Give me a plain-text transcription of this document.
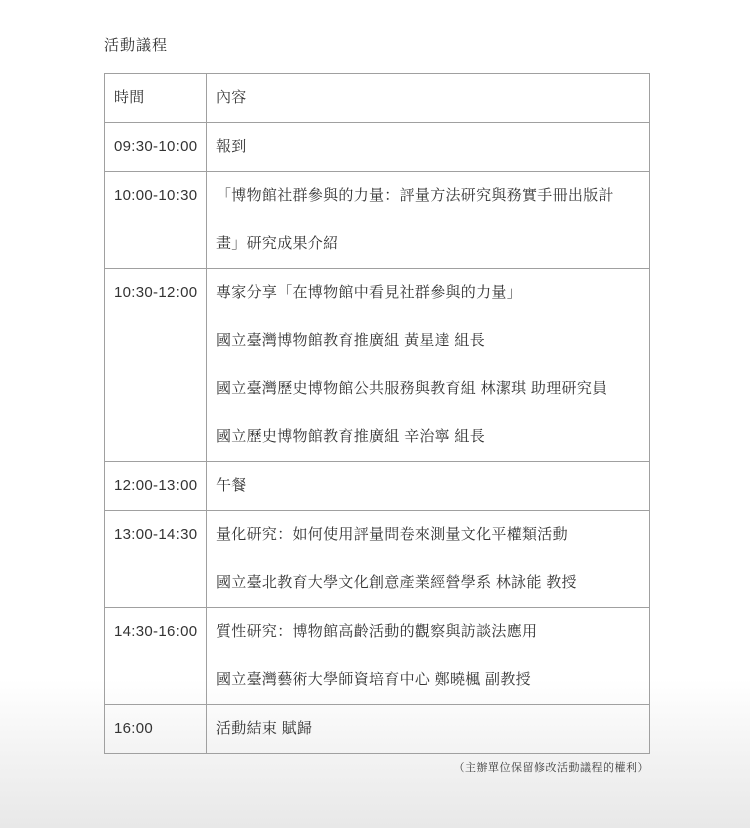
活動議程
時間	內容
09:30-10:00	報到

10:00-10:30	「博物館社群參與的力量：評量方法研究與務實手冊出版計
畫」研究成果介紹

10:30-12:00	專家分享「在博物館中看見社群參與的力量」
國立臺灣博物館教育推廣組 黃星達 組長
國立臺灣歷史博物館公共服務與教育組 林潔琪 助理研究員
國立歷史博物館教育推廣組 辛治寧 組長

12:00-13:00	午餐

13:00-14:30	量化研究：如何使用評量問卷來測量文化平權類活動
國立臺北教育大學文化創意產業經營學系 林詠能 教授

14:30-16:00	質性研究：博物館高齡活動的觀察與訪談法應用
國立臺灣藝術大學師資培育中心 鄭曉楓 副教授

16:00	活動結束 賦歸
（主辦單位保留修改活動議程的權利）
